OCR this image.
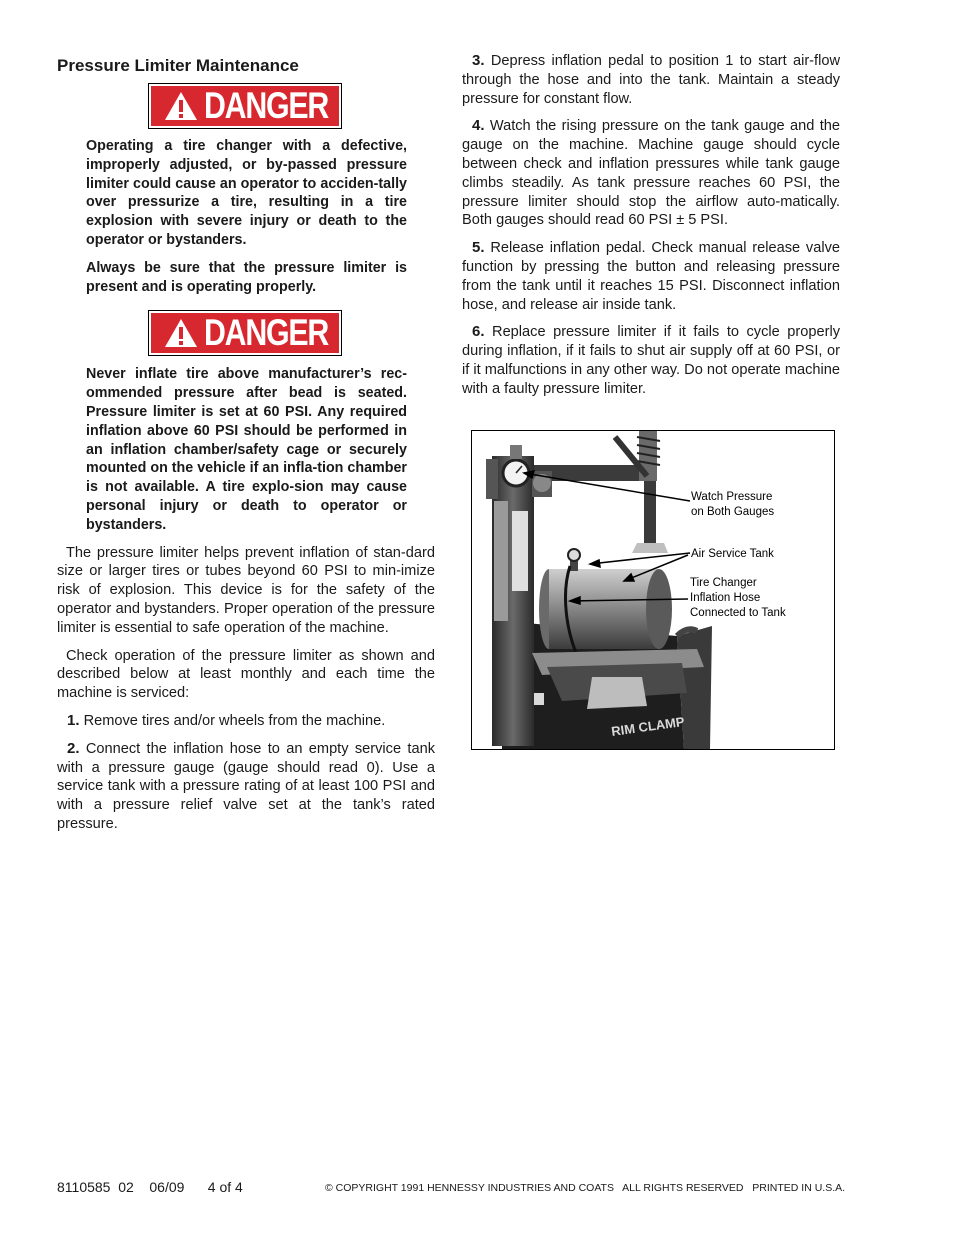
Pressure Limiter Maintenance
DANGER

Operating a tire changer with a defective, improperly adjusted, or by-passed pressure limiter could cause an operator to acciden-tally over pressurize a tire, resulting in a tire explosion with severe injury or death to the operator or bystanders.

Always be sure that the pressure limiter is present and is operating properly.

DANGER

Never inflate tire above manufacturer’s rec-ommended pressure after bead is seated. Pressure limiter is set at 60 PSI. Any required inflation above 60 PSI should be performed in an inflation chamber/safety cage or securely mounted on the vehicle if an infla-tion chamber is not available. A tire explo-sion may cause personal injury or death to operator or bystanders.

The pressure limiter helps prevent inflation of stan-dard size or larger tires or tubes beyond 60 PSI to min-imize risk of explosion. This device is for the safety of the operator and bystanders. Proper operation of the pressure limiter is essential to safe operation of the machine.

Check operation of the pressure limiter as shown and described below at least monthly and each time the machine is serviced:

1. Remove tires and/or wheels from the machine.

2. Connect the inflation hose to an empty service tank with a pressure gauge (gauge should read 0). Use a service tank with a pressure rating of at least 100 PSI and with a pressure relief valve set at the tank’s rated pressure.

3. Depress inflation pedal to position 1 to start air-flow through the hose and into the tank. Maintain a steady pressure for constant flow.

4. Watch the rising pressure on the tank gauge and the gauge on the machine. Machine gauge should cycle between check and inflation pressures while tank gauge climbs steadily. As tank pressure reaches 60 PSI, the pressure limiter should stop the airflow auto-matically. Both gauges should read 60 PSI ± 5 PSI.

5. Release inflation pedal. Check manual release valve function by pressing the button and releasing pressure from the tank until it reaches 15 PSI. Disconnect inflation hose, and release air inside tank.

6. Replace pressure limiter if it fails to cycle properly during inflation, if it fails to shut air supply off at 60 PSI, or if it malfunctions in any other way. Do not operate machine with a faulty pressure limiter.

RIM CLAMP
Watch Pressure
on Both Gauges
Air Service Tank
Tire Changer
Inflation Hose
Connected to Tank
8110585 02 06/09 4 of 4	© COPYRIGHT 1991 HENNESSY INDUSTRIES AND COATS   ALL RIGHTS RESERVED   PRINTED IN U.S.A.
